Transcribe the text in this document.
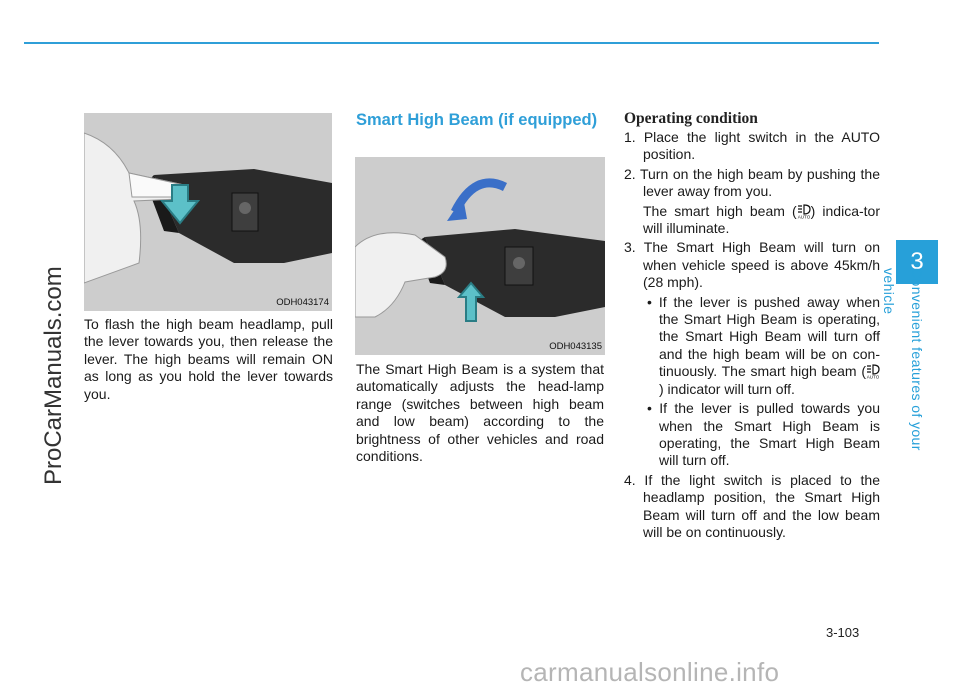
3
Convenient features of your vehicle
ProCarManuals.com	ODH043174

To flash the high beam headlamp, pull the lever towards you, then release the lever. The high beams will remain ON as long as you hold the lever towards you.

Smart High Beam (if equipped)
ODH043135

The Smart High Beam is a system that automatically adjusts the head-lamp range (switches between high beam and low beam) according to the brightness of other vehicles and road conditions.

Operating condition

1. Place the light switch in the AUTO position.

2. Turn on the high beam by pushing the lever away from you.

The smart high beam ( AUTO ) indica-tor will illuminate.

3. The Smart High Beam will turn on when vehicle speed is above 45km/h (28 mph).

• If the lever is pushed away when the Smart High Beam is operating, the Smart High Beam will turn off and the high beam will be on con-tinuously. The smart high beam ( AUTO
) indicator will turn off.

• If the lever is pulled towards you when the Smart High Beam is operating, the Smart High Beam will turn off.

4. If the light switch is placed to the headlamp position, the Smart High Beam will turn off and the low beam will be on continuously.

3-103
carmanualsonline.info
